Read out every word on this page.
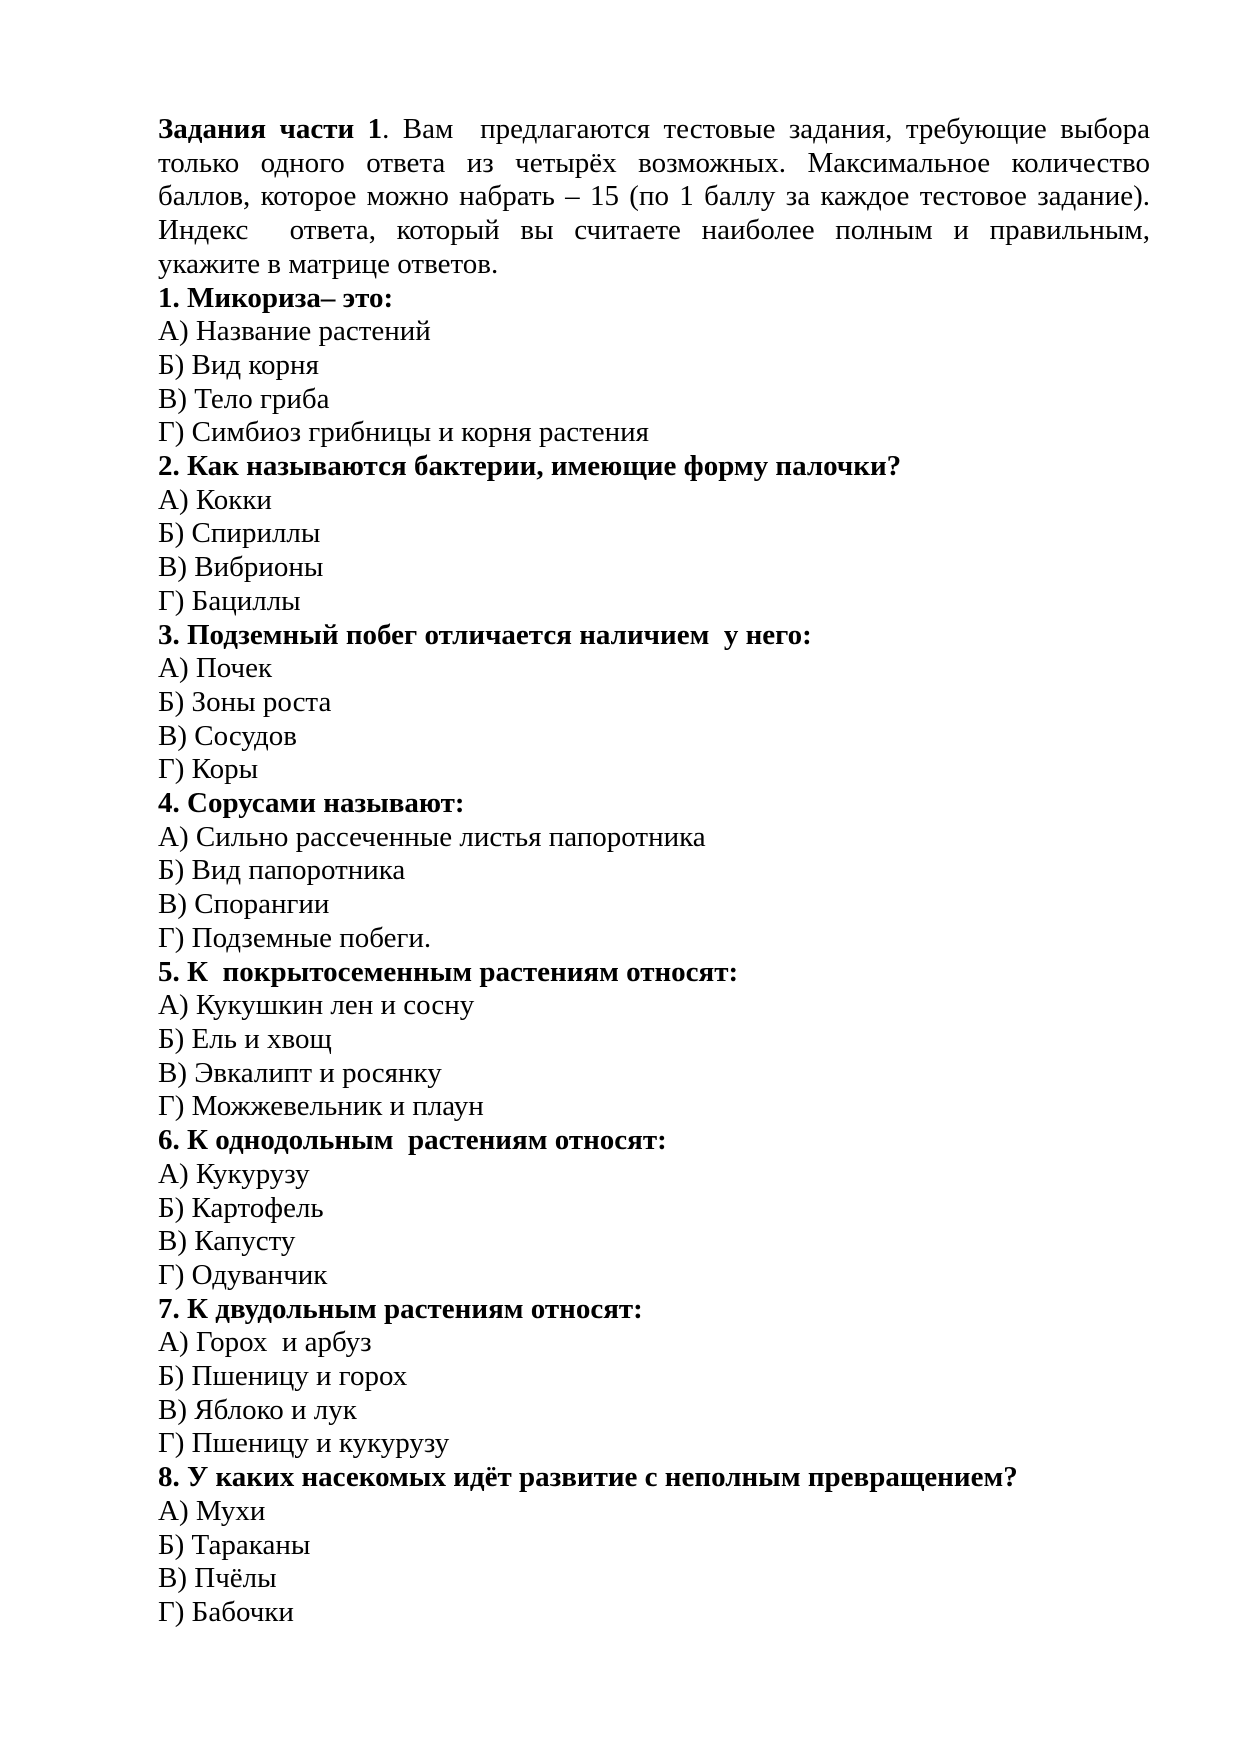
Задания части 1. Вам  предлагаются тестовые задания, требующие выбора
только одного ответа из четырёх возможных. Максимальное количество
баллов, которое можно набрать – 15 (по 1 баллу за каждое тестовое задание).
Индекс  ответа, который вы считаете наиболее полным и правильным,
укажите в матрице ответов.
1. Микориза– это:
А) Название растений
Б) Вид корня
В) Тело гриба
Г) Симбиоз грибницы и корня растения
2. Как называются бактерии, имеющие форму палочки?
А) Кокки
Б) Спириллы
В) Вибрионы
Г) Бациллы
3. Подземный побег отличается наличием  у него:
А) Почек
Б) Зоны роста
В) Сосудов
Г) Коры
4. Сорусами называют:
А) Сильно рассеченные листья папоротника
Б) Вид папоротника
В) Спорангии
Г) Подземные побеги.
5. К  покрытосеменным растениям относят:
А) Кукушкин лен и сосну
Б) Ель и хвощ
В) Эвкалипт и росянку
Г) Можжевельник и плаун
6. К однодольным  растениям относят:
А) Кукурузу
Б) Картофель
В) Капусту
Г) Одуванчик
7. К двудольным растениям относят:
А) Горох  и арбуз
Б) Пшеницу и горох
В) Яблоко и лук
Г) Пшеницу и кукурузу
8. У каких насекомых идёт развитие с неполным превращением?
А) Мухи
Б) Тараканы
В) Пчёлы
Г) Бабочки
